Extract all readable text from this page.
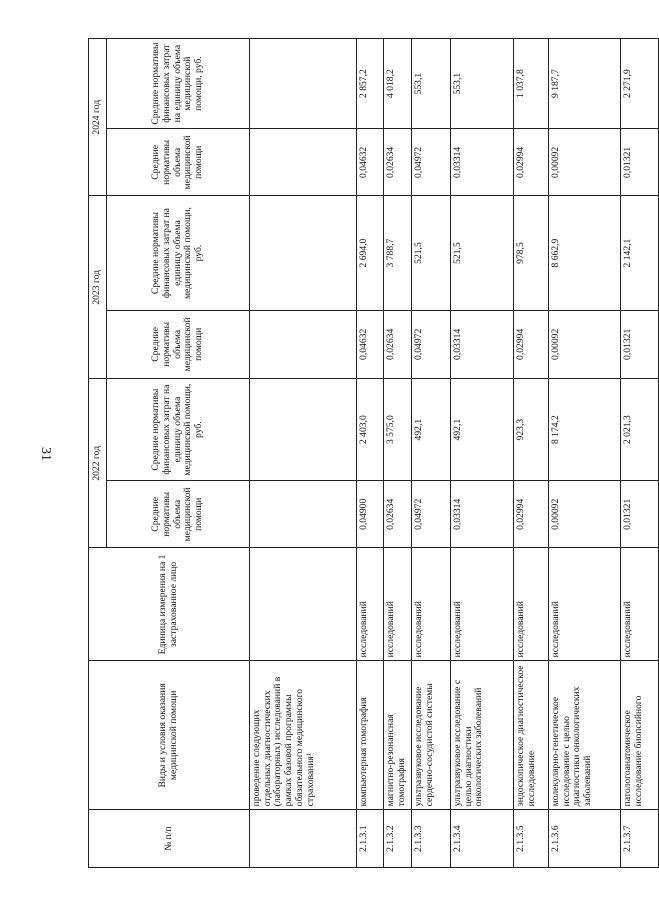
31
№ п/п	Виды и условия оказания медицинской помощи	Единица измерения на 1 застрахованное лицо	2022 год		2023 год		2024 год	
			Средние нормативы объема медицинской помощи	Средние нормативы финансовых затрат на единицу объема медицинской помощи, руб.	Средние нормативы объема медицинской помощи	Средние нормативы финансовых затрат на единицу объема медицинской помощи, руб.	Средние нормативы объема медицинской помощи	Средние нормативы финансовых затрат на единицу объема медицинской помощи, руб.
	проведение следующих отдельных диагностических (лабораторных) исследований в рамках базовой программы обязательного медицинского страхования¹							
2.1.3.1	компьютерная томография	исследований	0,04900	2 403,0	0,04632	2 694,0	0,04632	2 857,2
2.1.3.2	магнитно-резонансная томография	исследований	0,02634	3 575,0	0,02634	3 788,7	0,02634	4 018,2
2.1.3.3	ультразвуковое исследование сердечно-сосудистой системы	исследований	0,04972	492,1	0,04972	521,5	0,04972	553,1
2.1.3.4	ультразвуковое исследование с целью диагностики онкологических заболеваний	исследований	0,03314	492,1	0,03314	521,5	0,03314	553,1
2.1.3.5	эндоскопическое диагностическое исследование	исследований	0,02994	923,3	0,02994	978,5	0,02994	1 037,8
2.1.3.6	молекулярно-генетическое исследование с целью диагностики онкологических заболеваний	исследований	0,00092	8 174,2	0,00092	8 662,9	0,00092	9 187,7
2.1.3.7	патологоанатомическое исследование биопсийного	исследований	0,01321	2 021,3	0,01321	2 142,1	0,01321	2 271,9
